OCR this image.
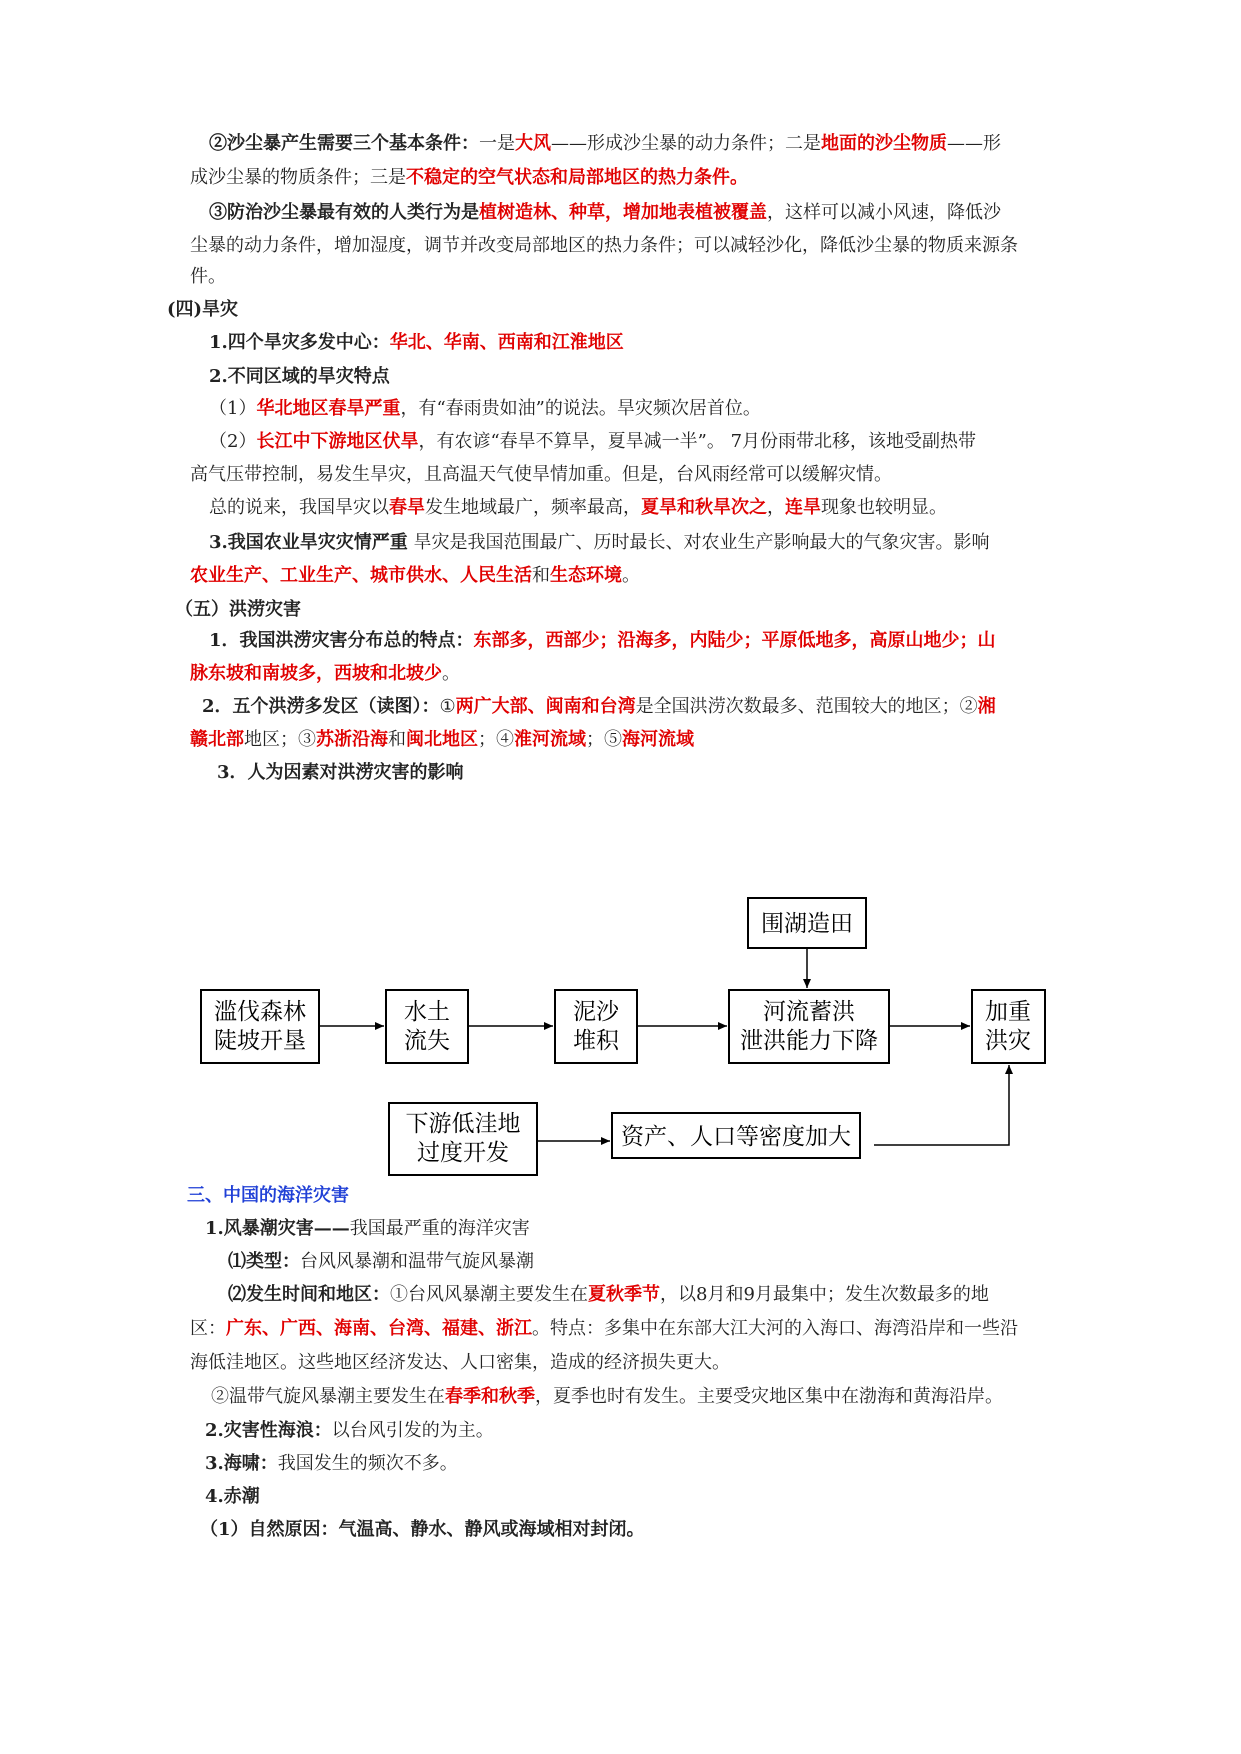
②沙尘暴产生需要三个基本条件：一是大风——形成沙尘暴的动力条件；二是地面的沙尘物质——形
成沙尘暴的物质条件；三是不稳定的空气状态和局部地区的热力条件。
③防治沙尘暴最有效的人类行为是植树造林、种草，增加地表植被覆盖，这样可以减小风速，降低沙
尘暴的动力条件，增加湿度，调节并改变局部地区的热力条件；可以减轻沙化，降低沙尘暴的物质来源条
件。
(四)旱灾
1.四个旱灾多发中心：华北、华南、西南和江淮地区
2.不同区域的旱灾特点
（1）华北地区春旱严重，有“春雨贵如油”的说法。旱灾频次居首位。
（2）长江中下游地区伏旱，有农谚“春旱不算旱，夏旱减一半”。 7月份雨带北移，该地受副热带
高气压带控制，易发生旱灾，且高温天气使旱情加重。但是，台风雨经常可以缓解灾情。
总的说来，我国旱灾以春旱发生地域最广，频率最高，夏旱和秋旱次之，连旱现象也较明显。
3.我国农业旱灾灾情严重 旱灾是我国范围最广、历时最长、对农业生产影响最大的气象灾害。影响
农业生产、工业生产、城市供水、人民生活和生态环境。
（五）洪涝灾害
1．我国洪涝灾害分布总的特点：东部多，西部少；沿海多，内陆少；平原低地多，高原山地少；山
脉东坡和南坡多，西坡和北坡少。
2．五个洪涝多发区（读图）：①两广大部、闽南和台湾是全国洪涝次数最多、范围较大的地区；②湘
赣北部地区；③苏浙沿海和闽北地区；④淮河流域；⑤海河流域
3．人为因素对洪涝灾害的影响
围湖造田
滥伐森林
陡坡开垦
水土
流失
泥沙
堆积
河流蓄洪
泄洪能力下降
加重
洪灾
下游低洼地
过度开发
资产、人口等密度加大
三、中国的海洋灾害
1.风暴潮灾害——我国最严重的海洋灾害
⑴类型：台风风暴潮和温带气旋风暴潮
⑵发生时间和地区：①台风风暴潮主要发生在夏秋季节，以8月和9月最集中；发生次数最多的地
区：广东、广西、海南、台湾、福建、浙江。特点：多集中在东部大江大河的入海口、海湾沿岸和一些沿
海低洼地区。这些地区经济发达、人口密集，造成的经济损失更大。
②温带气旋风暴潮主要发生在春季和秋季，夏季也时有发生。主要受灾地区集中在渤海和黄海沿岸。
2.灾害性海浪：以台风引发的为主。
3.海啸：我国发生的频次不多。
4.赤潮
（1）自然原因：气温高、静水、静风或海域相对封闭。
